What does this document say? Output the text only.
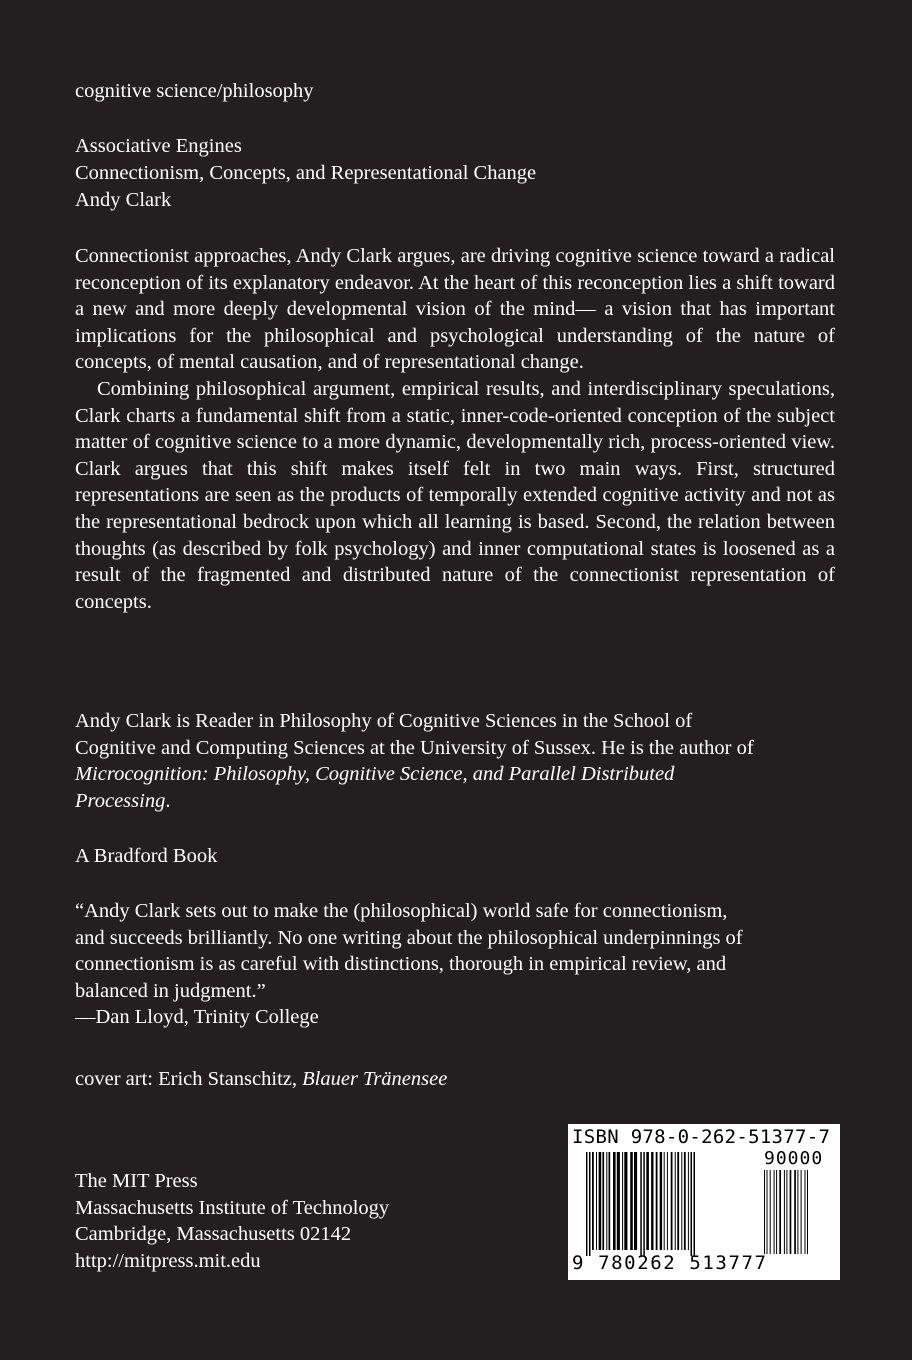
cognitive science/philosophy
Associative Engines
Connectionism, Concepts, and Representational Change
Andy Clark

Connectionist approaches, Andy Clark argues, are driving cognitive science toward a radical reconception of its explanatory endeavor. At the heart of this reconception lies a shift toward a new and more deeply developmental vision of the mind— a vision that has important implications for the philosophical and psychological understanding of the nature of concepts, of mental causation, and of representational change.

Combining philosophical argument, empirical results, and interdisciplinary speculations, Clark charts a fundamental shift from a static, inner-code-oriented conception of the subject matter of cognitive science to a more dynamic, developmentally rich, process-oriented view. Clark argues that this shift makes itself felt in two main ways. First, structured representations are seen as the products of temporally extended cognitive activity and not as the representational bedrock upon which all learning is based. Second, the relation between thoughts (as described by folk psychology) and inner computational states is loosened as a result of the fragmented and distributed nature of the connectionist representation of concepts.

Andy Clark is Reader in Philosophy of Cognitive Sciences in the School of
Cognitive and Computing Sciences at the University of Sussex. He is the author of
Microcognition: Philosophy, Cognitive Science, and Parallel Distributed
Processing.
A Bradford Book
“Andy Clark sets out to make the (philosophical) world safe for connectionism,
and succeeds brilliantly. No one writing about the philosophical underpinnings of
connectionism is as careful with distinctions, thorough in empirical review, and
balanced in judgment.”
—Dan Lloyd, Trinity College
cover art: Erich Stanschitz, Blauer Tränensee
The MIT Press
Massachusetts Institute of Technology
Cambridge, Massachusetts 02142
http://mitpress.mit.edu
ISBN 978-0-262-51377-7
90000
9 780262 513777
